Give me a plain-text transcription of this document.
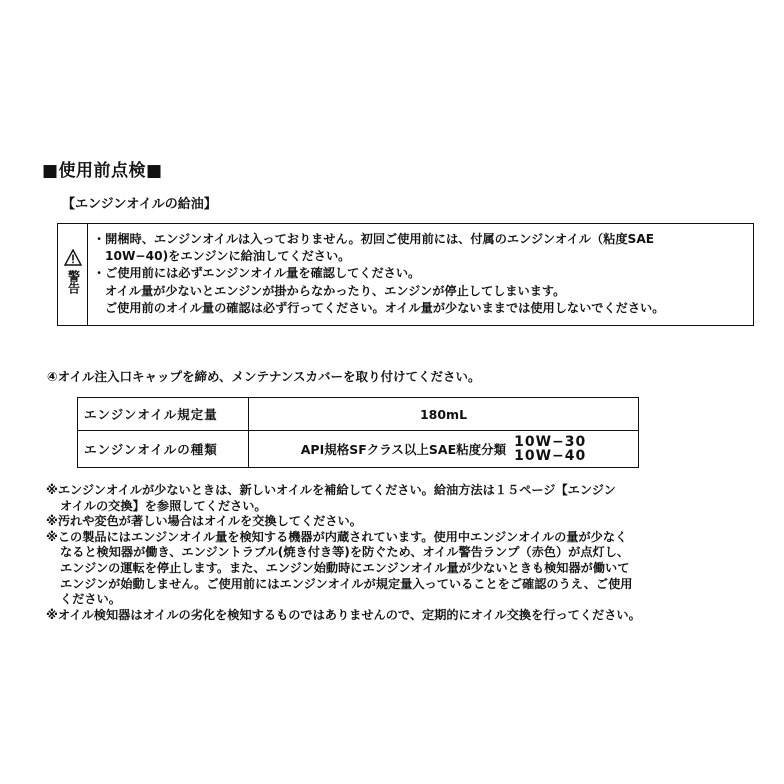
■使用前点検■
【エンジンオイルの給油】
警告
・開梱時、エンジンオイルは入っておりません。初回ご使用前には、付属のエンジンオイル（粘度SAE
10W−40)をエンジンに給油してください。
・ご使用前には必ずエンジンオイル量を確認してください。
オイル量が少ないとエンジンが掛からなかったり、エンジンが停止してしまいます。
ご使用前のオイル量の確認は必ず行ってください。オイル量が少ないままでは使用しないでください。
④オイル注入口キャップを締め、メンテナンスカバーを取り付けてください。
エンジンオイル規定量	180mL
エンジンオイルの種類	API規格SFクラス以上SAE粘度分類 10W−30
10W−40
※エンジンオイルが少ないときは、新しいオイルを補給してください。給油方法は１５ページ【エンジン
オイルの交換】を参照してください。
※汚れや変色が著しい場合はオイルを交換してください。
※この製品にはエンジンオイル量を検知する機器が内蔵されています。使用中エンジンオイルの量が少なく
なると検知器が働き、エンジントラブル(焼き付き等)を防ぐため、オイル警告ランプ（赤色）が点灯し、
エンジンの運転を停止します。また、エンジン始動時にエンジンオイル量が少ないときも検知器が働いて
エンジンが始動しません。ご使用前にはエンジンオイルが規定量入っていることをご確認のうえ、ご使用
ください。
※オイル検知器はオイルの劣化を検知するものではありませんので、定期的にオイル交換を行ってください。
